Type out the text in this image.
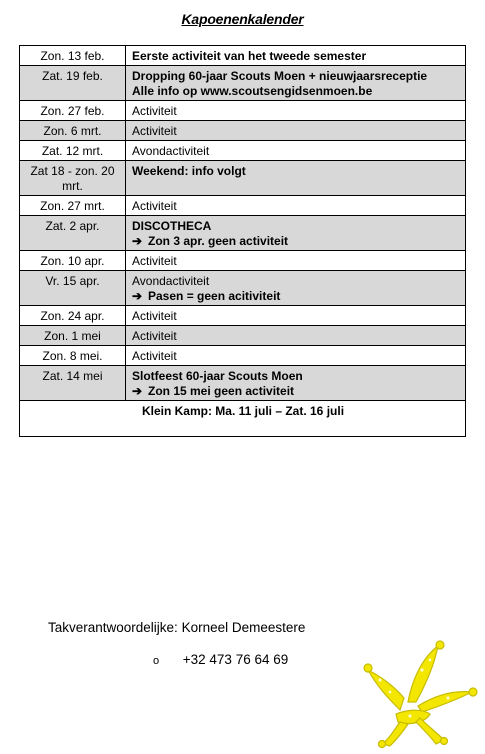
Kapoenenkalender
Zon. 13 feb.	Eerste activiteit van het tweede semester

Zat. 19 feb.	Dropping 60-jaar Scouts Moen + nieuwjaarsreceptie
Alle info op www.scoutsengidsenmoen.be

Zon. 27 feb.	Activiteit

Zon. 6 mrt.	Activiteit

Zat. 12 mrt.	Avondactiviteit

Zat 18 - zon. 20 mrt.	Weekend: info volgt

Zon. 27 mrt.	Activiteit

Zat. 2 apr.	DISCOTHECA
➔ Zon 3 apr. geen activiteit

Zon. 10 apr.	Activiteit

Vr. 15 apr.	Avondactiviteit
➔ Pasen = geen acitiviteit

Zon. 24 apr.	Activiteit

Zon. 1 mei	Activiteit

Zon. 8 mei.	Activiteit

Zat. 14 mei	Slotfeest 60-jaar Scouts Moen
➔ Zon 15 mei geen activiteit

Klein Kamp: Ma. 11 juli – Zat. 16 juli	
Takverantwoordelijke: Korneel Demeestere
o +32 473 76 64 69
